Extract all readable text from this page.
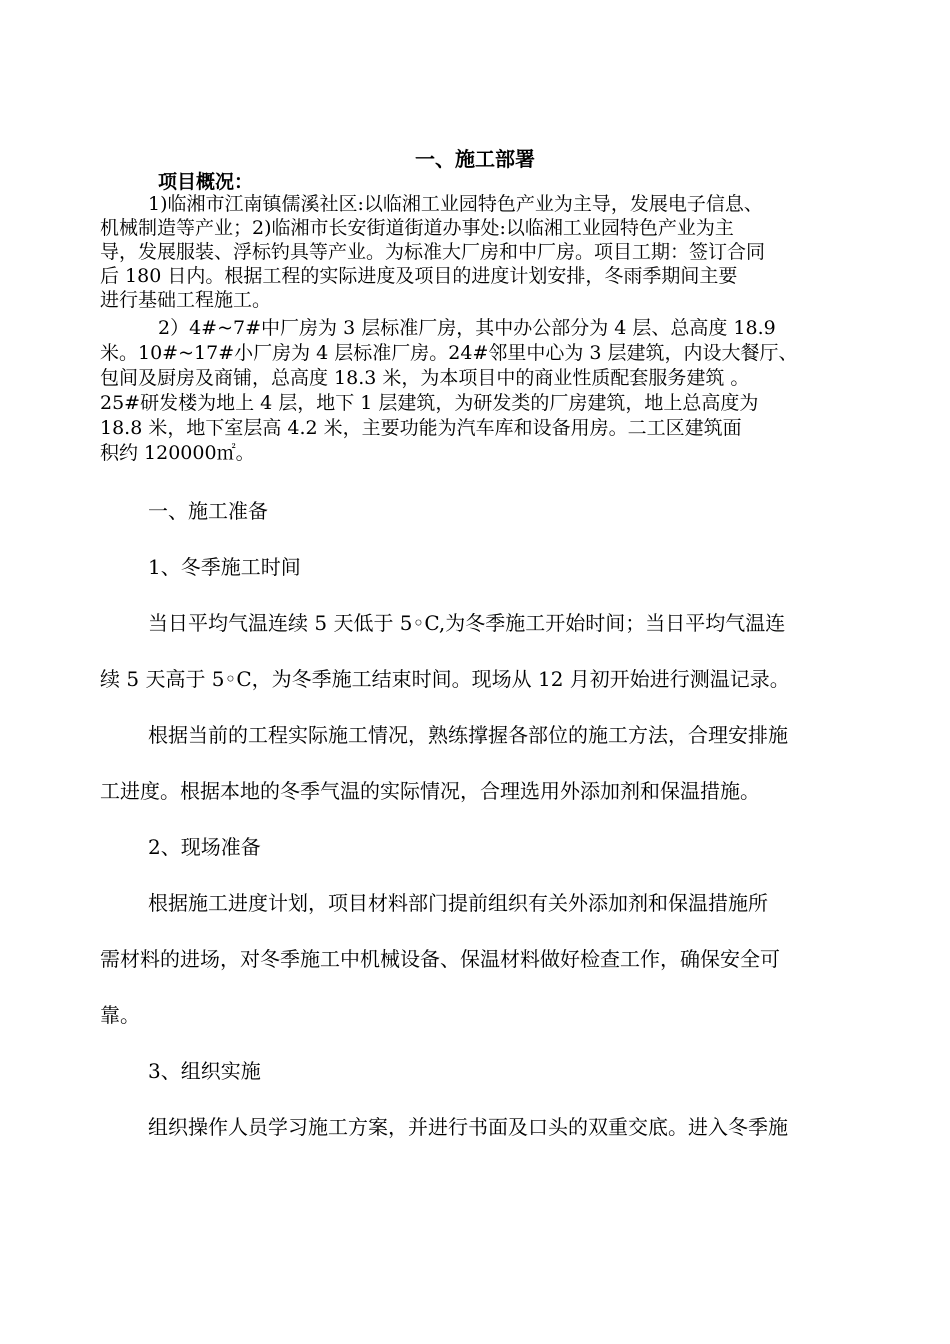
一、施工部署
项目概况：
1)临湘市江南镇儒溪社区:以临湘工业园特色产业为主导，发展电子信息、
机械制造等产业；2)临湘市长安街道街道办事处:以临湘工业园特色产业为主
导，发展服装、浮标钓具等产业。为标准大厂房和中厂房。项目工期：签订合同
后 180 日内。根据工程的实际进度及项目的进度计划安排，冬雨季期间主要
进行基础工程施工。
2）4#~7#中厂房为 3 层标准厂房，其中办公部分为 4 层、总高度 18.9
米。10#~17#小厂房为 4 层标准厂房。24#邻里中心为 3 层建筑，内设大餐厅、
包间及厨房及商铺，总高度 18.3 米，为本项目中的商业性质配套服务建筑 。
25#研发楼为地上 4 层，地下 1 层建筑，为研发类的厂房建筑，地上总高度为
18.8 米，地下室层高 4.2 米，主要功能为汽车库和设备用房。二工区建筑面
积约 120000㎡。
一、施工准备
1、冬季施工时间
当日平均气温连续 5 天低于 5◦C,为冬季施工开始时间；当日平均气温连
续 5 天高于 5◦C，为冬季施工结束时间。现场从 12 月初开始进行测温记录。
根据当前的工程实际施工情况，熟练撑握各部位的施工方法，合理安排施
工进度。根据本地的冬季气温的实际情况，合理选用外添加剂和保温措施。
2、现场准备
根据施工进度计划，项目材料部门提前组织有关外添加剂和保温措施所
需材料的进场，对冬季施工中机械设备、保温材料做好检查工作，确保安全可
靠。
3、组织实施
组织操作人员学习施工方案，并进行书面及口头的双重交底。进入冬季施
